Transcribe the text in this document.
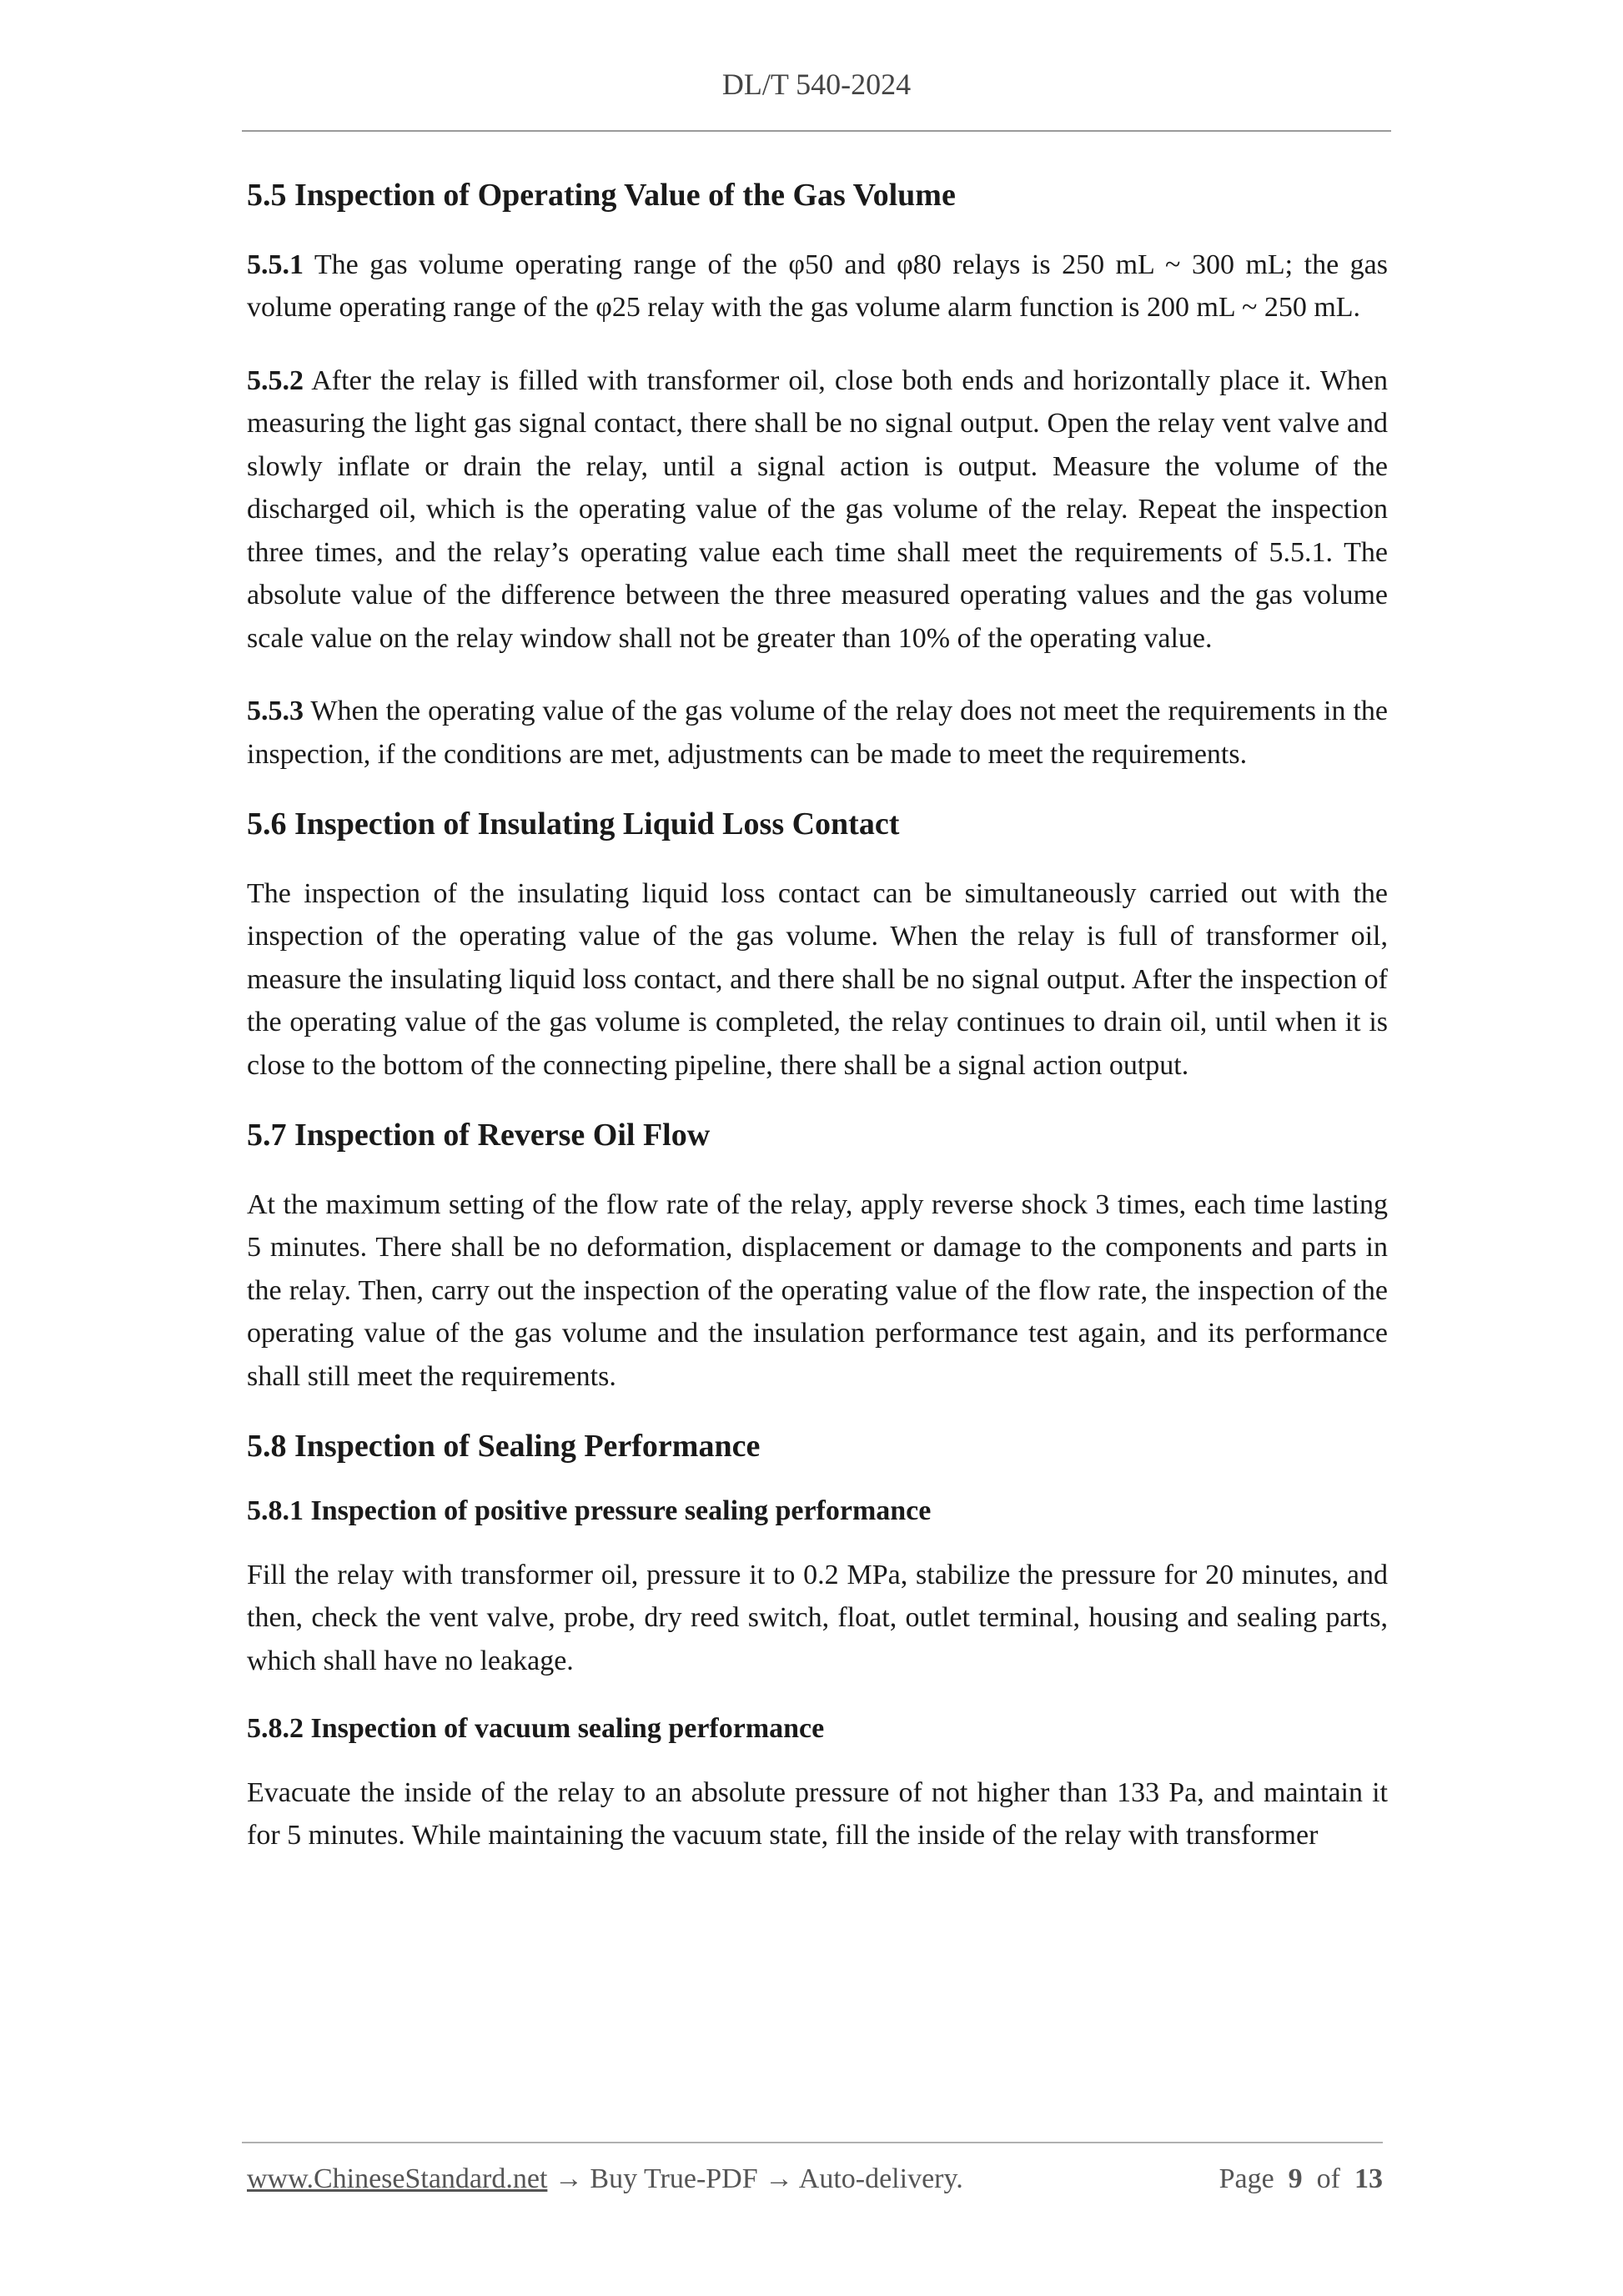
DL/T 540-2024
5.5 Inspection of Operating Value of the Gas Volume

5.5.1 The gas volume operating range of the φ50 and φ80 relays is 250 mL ~ 300 mL; the gas volume operating range of the φ25 relay with the gas volume alarm function is 200 mL ~ 250 mL.

5.5.2 After the relay is filled with transformer oil, close both ends and horizontally place it. When measuring the light gas signal contact, there shall be no signal output. Open the relay vent valve and slowly inflate or drain the relay, until a signal action is output. Measure the volume of the discharged oil, which is the operating value of the gas volume of the relay. Repeat the inspection three times, and the relay’s operating value each time shall meet the requirements of 5.5.1. The absolute value of the difference between the three measured operating values and the gas volume scale value on the relay window shall not be greater than 10% of the operating value.

5.5.3 When the operating value of the gas volume of the relay does not meet the requirements in the inspection, if the conditions are met, adjustments can be made to meet the requirements.

5.6 Inspection of Insulating Liquid Loss Contact

The inspection of the insulating liquid loss contact can be simultaneously carried out with the inspection of the operating value of the gas volume. When the relay is full of transformer oil, measure the insulating liquid loss contact, and there shall be no signal output. After the inspection of the operating value of the gas volume is completed, the relay continues to drain oil, until when it is close to the bottom of the connecting pipeline, there shall be a signal action output.

5.7 Inspection of Reverse Oil Flow

At the maximum setting of the flow rate of the relay, apply reverse shock 3 times, each time lasting 5 minutes. There shall be no deformation, displacement or damage to the components and parts in the relay. Then, carry out the inspection of the operating value of the flow rate, the inspection of the operating value of the gas volume and the insulation performance test again, and its performance shall still meet the requirements.

5.8 Inspection of Sealing Performance
5.8.1 Inspection of positive pressure sealing performance

Fill the relay with transformer oil, pressure it to 0.2 MPa, stabilize the pressure for 20 minutes, and then, check the vent valve, probe, dry reed switch, float, outlet terminal, housing and sealing parts, which shall have no leakage.

5.8.2 Inspection of vacuum sealing performance

Evacuate the inside of the relay to an absolute pressure of not higher than 133 Pa, and maintain it for 5 minutes. While maintaining the vacuum state, fill the inside of the relay with transformer

www.ChineseStandard.net → Buy True-PDF → Auto-delivery.	Page 9 of 13
